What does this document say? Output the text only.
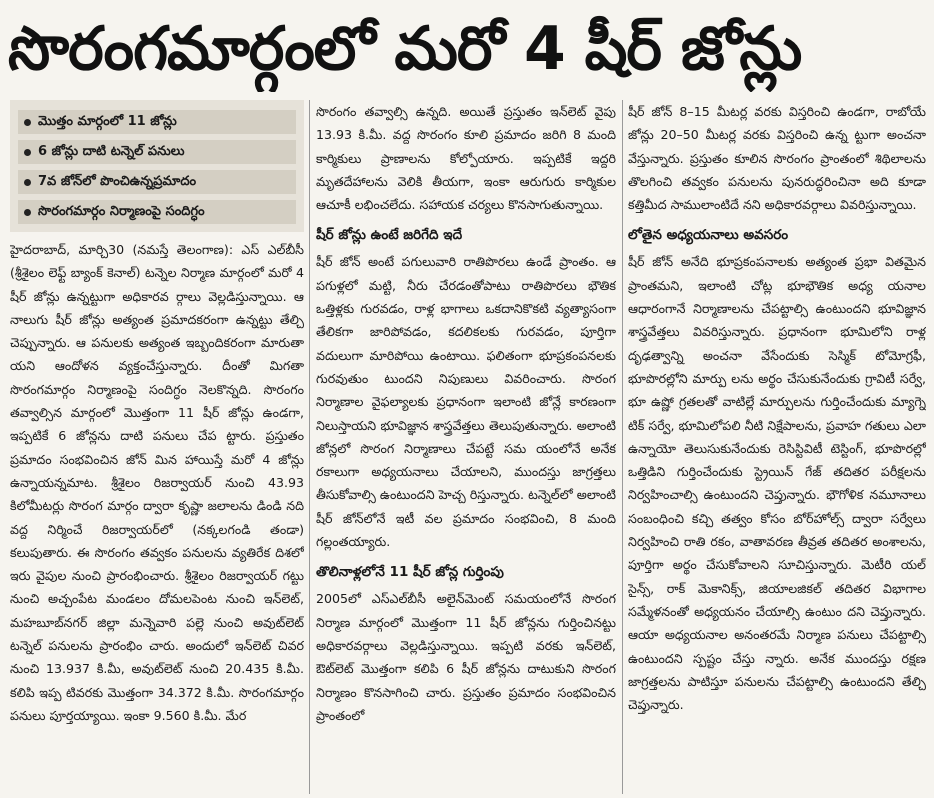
సొరంగమార్గంలో మరో 4 షీర్ జోన్లు
మొత్తం మార్గంలో 11 జోన్లు
6 జోన్లు దాటి టన్నెల్ పనులు
7వ జోన్‌లో పొంచిఉన్నప్రమాదం
సొరంగమార్గం నిర్మాణంపై సందిగ్ధం

హైదరాబాద్, మార్చి30 (నమస్తే తెలంగాణ): ఎస్ ఎల్‌బీసీ (శ్రీశైలం లెఫ్ట్ బ్యాంక్ కెనాల్) టన్నెల నిర్మాణ మార్గంలో మరో 4 షీర్ జోన్లు ఉన్నట్టుగా అధికారవ ర్గాలు వెల్లడిస్తున్నాయి. ఆ నాలుగు షీర్ జోన్లు అత్యంత ప్రమాదకరంగా ఉన్నట్టు తేల్చి చెప్పున్నారు. ఆ పనులకు అత్యంత ఇబ్బందికరంగా మారుతా యని ఆందోళన వ్యక్తంచేస్తున్నారు. దీంతో మిగతా సొరంగమార్గం నిర్మాణంపై సందిగ్ధం నెలకొన్నది. సొరంగం తవ్వాల్సిన మార్గంలో మొత్తంగా 11 షీర్ జోన్లు ఉండగా, ఇప్పటికే 6 జోన్లను దాటి పనులు చేప ట్టారు. ప్రస్తుతం ప్రమాదం సంభవించిన జోన్ మిన హాయిస్తే మరో 4 జోన్లు ఉన్నాయన్నమాట. శ్రీశైలం రిజర్వాయర్ నుంచి 43.93 కిలోమీటర్లు సొరంగ మార్గం ద్వారా కృష్ణా జలాలను డిండి నది వద్ద నిర్మించే రిజర్వాయర్‌లో (నక్కలగండి తండా) కలుపుతారు. ఈ సొరంగం తవ్వకం పనులను వ్యతిరేక దిశలో ఇరు వైపుల నుంచి ప్రారంభించారు. శ్రీశైలం రిజర్వాయర్ గట్టు నుంచి అచ్చంపేట మండలం దోమలపెంట నుంచి ఇన్‌లెట్, మహబూబ్‌నగర్ జిల్లా మన్నెవారి పల్లె నుంచి అవుట్‌లెట్ టన్నెల్ పనులను ప్రారంభిం చారు. అందులో ఇన్‌లెట్ చివర నుంచి 13.937 కి.మీ, అవుట్‌లెట్ నుంచి 20.435 కి.మీ. కలిపి ఇప్ప టివరకు మొత్తంగా 34.372 కి.మీ. సొరంగమార్గం పనులు పూర్తయ్యాయి. ఇంకా 9.560 కి.మీ. మేర

సొరంగం తవ్వాల్సి ఉన్నది. అయితే ప్రస్తుతం ఇన్‌లెట్ వైపు 13.93 కి.మీ. వద్ద సొరంగం కూలి ప్రమాదం జరిగి 8 మంది కార్మికులు ప్రాణాలను కోల్పోయారు. ఇప్పటికే ఇద్దరి మృతదేహాలను వెలికి తీయగా, ఇంకా ఆరుగురు కార్మికుల ఆచూకీ లభించలేదు. సహాయక చర్యలు కొనసాగుతున్నాయి.

షీర్ జోన్లు ఉంటే జరిగేది ఇదే

షీర్ జోన్ అంటే పగులువారి రాతిపొరలు ఉండే ప్రాంతం. ఆ పగుళ్లలో మట్టి, నీరు చేరడంతోపాటు రాతిపొరలు భౌతిక ఒత్తిళ్లకు గురవడం, రాళ్ల భాగాలు ఒకదానికొకటి వ్యత్యాసంగా తేలికగా జారిపోవడం, కదలికలకు గురవడం, పూర్తిగా వదులుగా మారిపోయి ఉంటాయి. ఫలితంగా భూప్రకంపనలకు గురవుతుం టుందని నిపుణులు వివరించారు. సొరంగ నిర్మాణాల వైఫల్యాలకు ప్రధానంగా ఇలాంటి జోన్లే కారణంగా నిలుస్తాయని భూవిజ్ఞాన శాస్త్రవేత్తలు తెలుపుతున్నారు. అలాంటి జోన్లలో సొరంగ నిర్మాణాలు చేపట్టే సమ యంలోనే అనేక రకాలుగా అధ్యయనాలు చేయాలని, ముందస్తు జాగ్రత్తలు తీసుకోవాల్సి ఉంటుందని హెచ్చ రిస్తున్నారు. టన్నెల్‌లో అలాంటి షీర్ జోన్‌లోనే ఇటీ వల ప్రమాదం సంభవించి, 8 మంది గల్లంతయ్యారు.

తొలినాళ్లలోనే 11 షీర్ జోన్ల గుర్తింపు

2005లో ఎస్‌ఎల్‌బీసీ అలైన్‌మెంట్ సమయంలోనే సొరంగ నిర్మాణ మార్గంలో మొత్తంగా 11 షీర్ జోన్లను గుర్తించినట్టు అధికారవర్గాలు వెల్లడిస్తున్నాయి. ఇప్పటి వరకు ఇన్‌లెట్, ఔట్‌లెట్ మొత్తంగా కలిపి 6 షీర్ జోన్లను దాటుకుని సొరంగ నిర్మాణం కొనసాగించి చారు. ప్రస్తుతం ప్రమాదం సంభవించిన ప్రాంతంలో

షీర్ జోన్ 8–15 మీటర్ల వరకు విస్తరించి ఉండగా, రాబోయే జోన్లు 20–50 మీటర్ల వరకు విస్తరించి ఉన్న ట్టుగా అంచనా వేస్తున్నారు. ప్రస్తుతం కూలిన సొరంగం ప్రాంతంలో శిథిలాలను తొలగించి తవ్వకం పనులను పునరుద్ధరించినా అది కూడా కత్తిమీద సాములాంటిదే నని అధికారవర్గాలు వివరిస్తున్నాయి.

లోతైన అధ్యయనాలు అవసరం

షీర్ జోన్ అనేది భూప్రకంపనాలకు అత్యంత ప్రభా వితమైన ప్రాంతమని, ఇలాంటి చోట్ల భూభౌతిక అధ్య యనాల ఆధారంగానే నిర్మాణాలను చేపట్టాల్సి ఉంటుందని భూవిజ్ఞాన శాస్త్రవేత్తలు వివరిస్తున్నారు. ప్రధానంగా భూమిలోని రాళ్ల దృఢత్వాన్ని అంచనా వేసేందుకు సెస్మిక్ టోమోగ్రఫీ, భూపొరల్లోని మార్పు లను అర్థం చేసుకునేందుకు గ్రావిటీ సర్వే, భూ ఉష్ణో గ్రతలతో వాటిల్లే మార్పులను గుర్తించేందుకు మ్యాగ్నె టిక్ సర్వే, భూమిలోపలి నీటి నిక్షేపాలను, ప్రవాహ గతులు ఎలా ఉన్నాయో తెలుసుకునేందుకు రెసిస్టివిటీ టెస్టింగ్, భూపొరల్లో ఒత్తిడిని గుర్తించేందుకు స్ట్రెయిన్ గేజ్ తదితర పరీక్షలను నిర్వహించాల్సి ఉంటుందని చెప్తున్నారు. భౌగోళిక నమూనాలు సంబంధించి కచ్చి తత్వం కోసం బోర్‌హోల్స్ ద్వారా సర్వేలు నిర్వహించి రాతి రకం, వాతావరణ తీవ్రత తదితర అంశాలను, పూర్తిగా అర్థం చేసుకోవాలని సూచిస్తున్నారు. మెటీరి యల్ సైన్స్, రాక్ మెకానిక్స్, జియాలజికల్ తదితర విభాగాల సమ్మేళనంతో అధ్యయనం చేయాల్సి ఉంటుం దని చెప్తున్నారు. ఆయా అధ్యయనాల అనంతరమే నిర్మాణ పనులు చేపట్టాల్సి ఉంటుందని స్పష్టం చేస్తు న్నారు. అనేక ముందస్తు రక్షణ జాగ్రత్తలను పాటిస్తూ పనులను చేపట్టాల్సి ఉంటుందని తేల్చి చెప్తున్నారు.
